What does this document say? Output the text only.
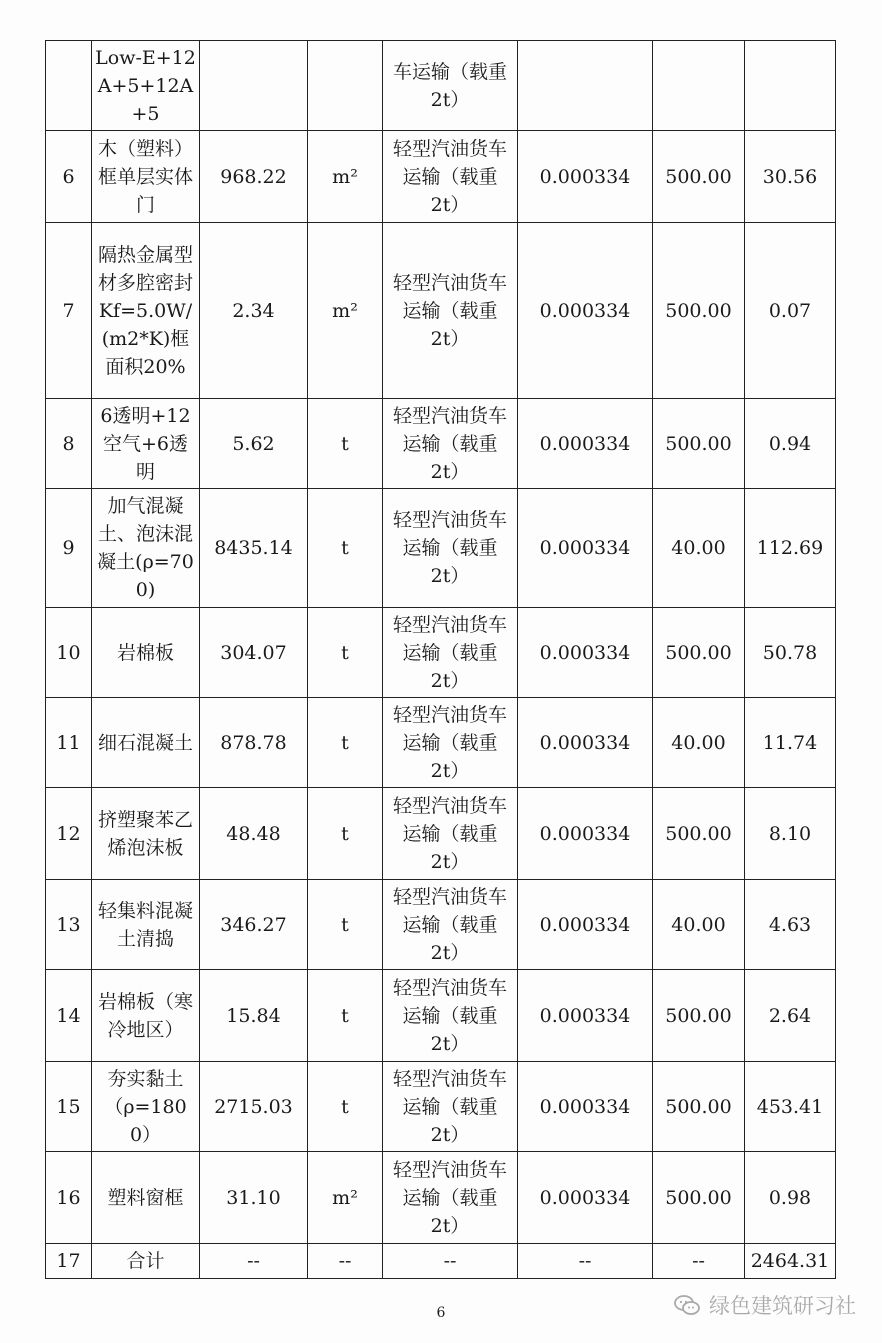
	Low-E+12A+5+12A+5			车运输（载重2t）			
6	木（塑料）框单层实体门	968.22	m²	轻型汽油货车运输（载重2t）	0.000334	500.00	30.56
7	隔热金属型材多腔密封Kf=5.0W/(m2*K)框面积20%	2.34	m²	轻型汽油货车运输（载重2t）	0.000334	500.00	0.07
8	6透明+12空气+6透明	5.62	t	轻型汽油货车运输（载重2t）	0.000334	500.00	0.94
9	加气混凝土、泡沫混凝土(ρ=700)	8435.14	t	轻型汽油货车运输（载重2t）	0.000334	40.00	112.69
10	岩棉板	304.07	t	轻型汽油货车运输（载重2t）	0.000334	500.00	50.78
11	细石混凝土	878.78	t	轻型汽油货车运输（载重2t）	0.000334	40.00	11.74
12	挤塑聚苯乙烯泡沫板	48.48	t	轻型汽油货车运输（载重2t）	0.000334	500.00	8.10
13	轻集料混凝土清捣	346.27	t	轻型汽油货车运输（载重2t）	0.000334	40.00	4.63
14	岩棉板（寒冷地区）	15.84	t	轻型汽油货车运输（载重2t）	0.000334	500.00	2.64
15	夯实黏土（ρ=1800）	2715.03	t	轻型汽油货车运输（载重2t）	0.000334	500.00	453.41
16	塑料窗框	31.10	m²	轻型汽油货车运输（载重2t）	0.000334	500.00	0.98
17	合计	--	--	--	--	--	2464.31
6	绿色建筑研习社
